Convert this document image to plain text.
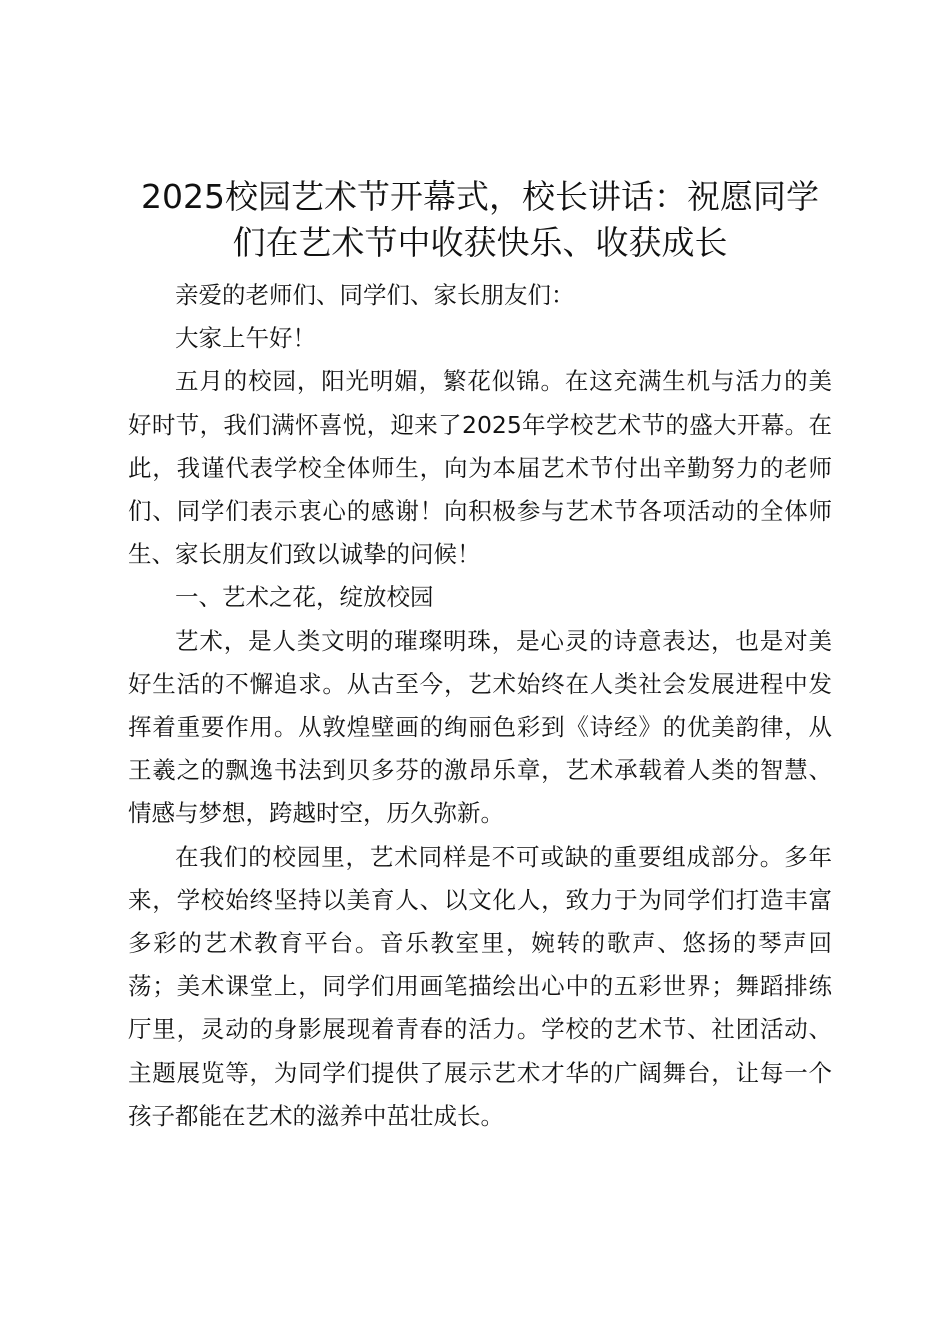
2025校园艺术节开幕式，校长讲话：祝愿同学们在艺术节中收获快乐、收获成长

亲爱的老师们、同学们、家长朋友们：

大家上午好！

五月的校园，阳光明媚，繁花似锦。在这充满生机与活力的美好时节，我们满怀喜悦，迎来了2025年学校艺术节的盛大开幕。在此，我谨代表学校全体师生，向为本届艺术节付出辛勤努力的老师们、同学们表示衷心的感谢！向积极参与艺术节各项活动的全体师生、家长朋友们致以诚挚的问候！

一、艺术之花，绽放校园

艺术，是人类文明的璀璨明珠，是心灵的诗意表达，也是对美好生活的不懈追求。从古至今，艺术始终在人类社会发展进程中发挥着重要作用。从敦煌壁画的绚丽色彩到《诗经》的优美韵律，从王羲之的飘逸书法到贝多芬的激昂乐章，艺术承载着人类的智慧、情感与梦想，跨越时空，历久弥新。

在我们的校园里，艺术同样是不可或缺的重要组成部分。多年来，学校始终坚持以美育人、以文化人，致力于为同学们打造丰富多彩的艺术教育平台。音乐教室里，婉转的歌声、悠扬的琴声回荡；美术课堂上，同学们用画笔描绘出心中的五彩世界；舞蹈排练厅里，灵动的身影展现着青春的活力。学校的艺术节、社团活动、主题展览等，为同学们提供了展示艺术才华的广阔舞台，让每一个孩子都能在艺术的滋养中茁壮成长。
